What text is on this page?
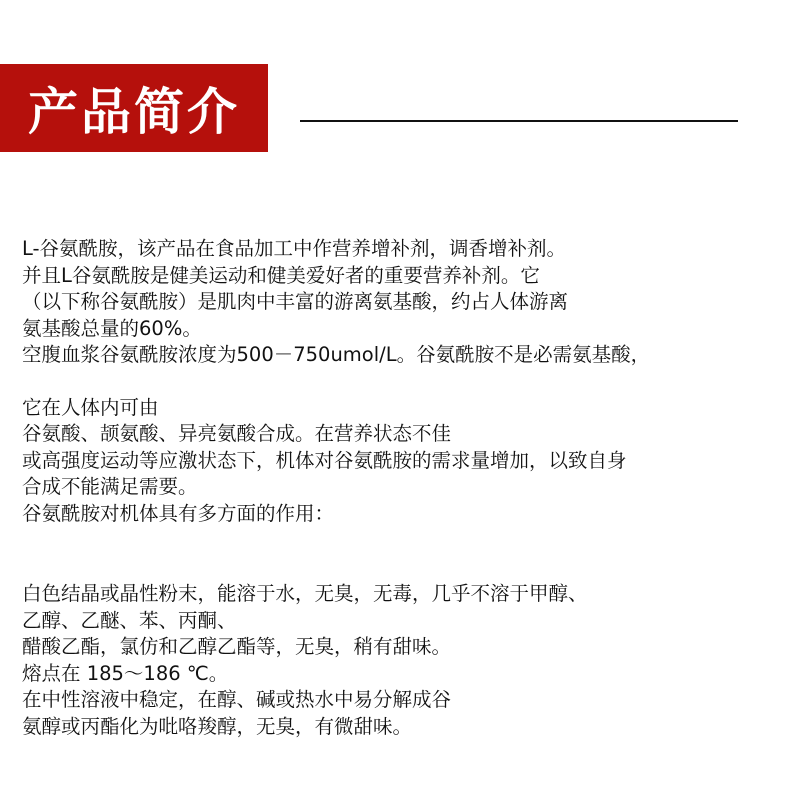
产品简介
L-谷氨酰胺，该产品在食品加工中作营养增补剂，调香增补剂。
并且L谷氨酰胺是健美运动和健美爱好者的重要营养补剂。它
（以下称谷氨酰胺）是肌肉中丰富的游离氨基酸，约占人体游离
氨基酸总量的60%。
空腹血浆谷氨酰胺浓度为500－750umol/L。谷氨酰胺不是必需氨基酸，
它在人体内可由
谷氨酸、颉氨酸、异亮氨酸合成。在营养状态不佳
或高强度运动等应激状态下，机体对谷氨酰胺的需求量增加，以致自身
合成不能满足需要。
谷氨酰胺对机体具有多方面的作用：
白色结晶或晶性粉末，能溶于水，无臭，无毒，几乎不溶于甲醇、
乙醇、乙醚、苯、丙酮、
醋酸乙酯，氯仿和乙醇乙酯等，无臭，稍有甜味。
熔点在 185～186 ℃。
在中性溶液中稳定，在醇、碱或热水中易分解成谷
氨醇或丙酯化为吡咯羧醇，无臭，有微甜味。
